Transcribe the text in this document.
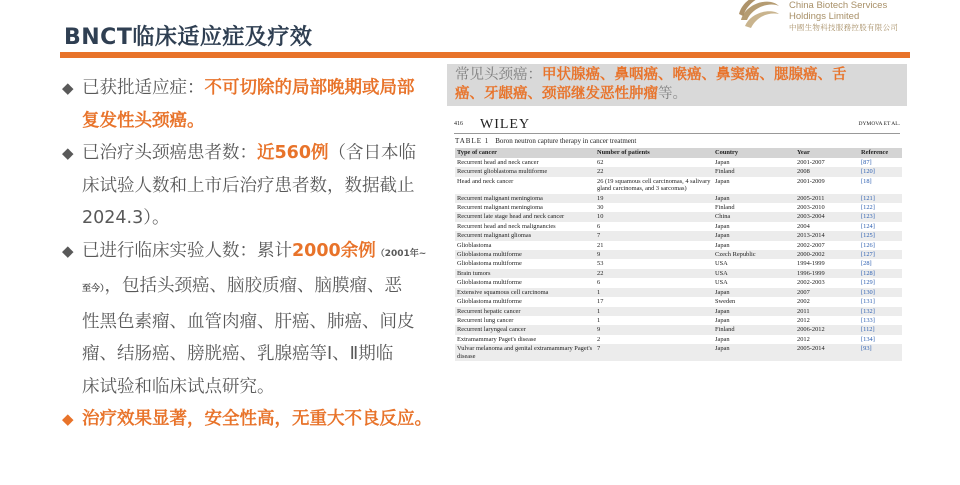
BNCT临床适应症及疗效
China Biotech Services
Holdings Limited
中國生物科技服務控股有限公司
◆ 已获批适应症：不可切除的局部晚期或局部
复发性头颈癌。
◆ 已治疗头颈癌患者数：近560例（含日本临
床试验人数和上市后治疗患者数，数据截止
2024.3）。
◆ 已进行临床实验人数：累计2000余例（2001年~
至今），包括头颈癌、脑胶质瘤、脑膜瘤、恶
性黑色素瘤、血管肉瘤、肝癌、肺癌、间皮
瘤、结肠癌、膀胱癌、乳腺癌等Ⅰ、Ⅱ期临
床试验和临床试点研究。
◆ 治疗效果显著，安全性高，无重大不良反应。
常见头颈癌：甲状腺癌、鼻咽癌、喉癌、鼻窦癌、腮腺癌、舌
癌、牙龈癌、颈部继发恶性肿瘤等。
416 WILEY	DYMOVA ET AL.
TABLE 1 Boron neutron capture therapy in cancer treatment
Type of cancer	Number of patients	Country	Year	Reference
Recurrent head and neck cancer	62	Japan	2001-2007	[87]
Recurrent glioblastoma multiforme	22	Finland	2008	[120]
Head and neck cancer	26 (19 squamous cell carcinomas, 4 salivary gland carcinomas, and 3 sarcomas)	Japan	2001-2009	[18]
Recurrent malignant meningioma	19	Japan	2005-2011	[121]
Recurrent malignant meningioma	30	Finland	2003-2010	[122]
Recurrent late stage head and neck cancer	10	China	2003-2004	[123]
Recurrent head and neck malignancies	6	Japan	2004	[124]
Recurrent malignant gliomas	7	Japan	2013-2014	[125]
Glioblastoma	21	Japan	2002-2007	[126]
Glioblastoma multiforme	9	Czech Republic	2000-2002	[127]
Glioblastoma multiforme	53	USA	1994-1999	[28]
Brain tumors	22	USA	1996-1999	[128]
Glioblastoma multiforme	6	USA	2002-2003	[129]
Extensive squamous cell carcinoma	1	Japan	2007	[130]
Glioblastoma multiforme	17	Sweden	2002	[131]
Recurrent hepatic cancer	1	Japan	2011	[132]
Recurrent lung cancer	1	Japan	2012	[133]
Recurrent laryngeal cancer	9	Finland	2006-2012	[112]
Extramammary Paget's disease	2	Japan	2012	[134]
Vulvar melanoma and genital extramammary Paget's disease	7	Japan	2005-2014	[93]
